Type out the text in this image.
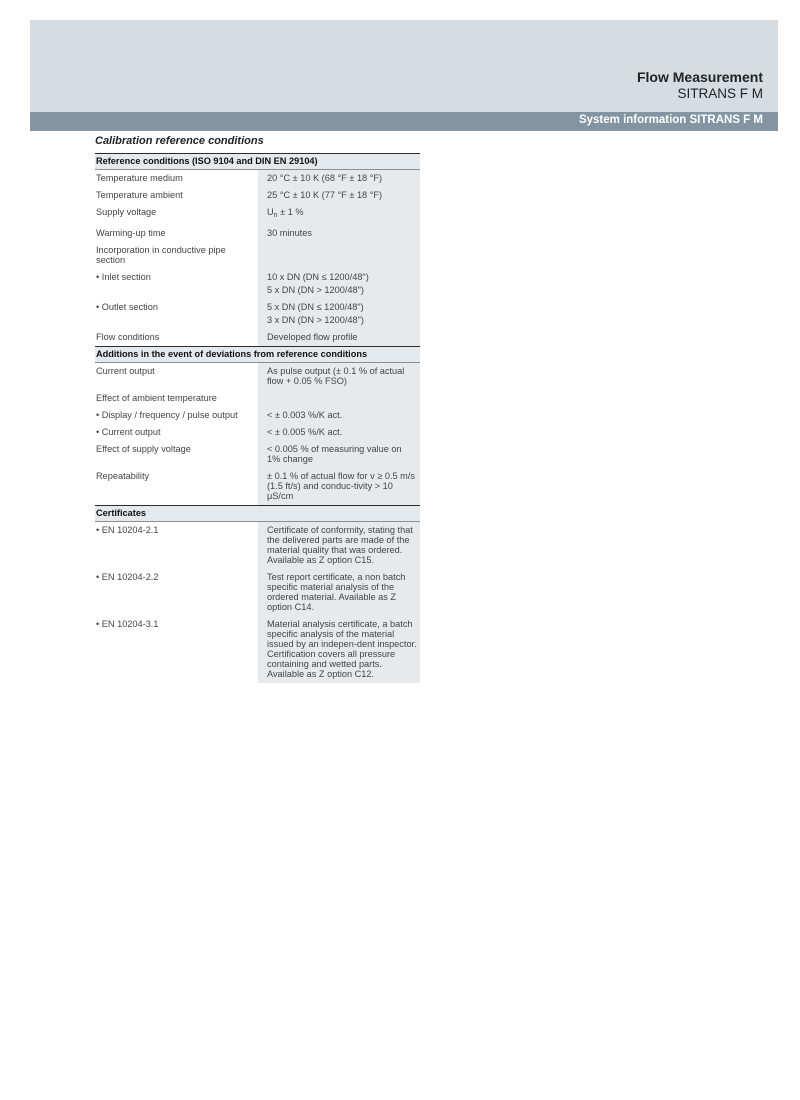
Flow Measurement
SITRANS F M
System information SITRANS F M
Calibration reference conditions
Reference conditions (ISO 9104 and DIN EN 29104)	
Temperature medium	20 °C ± 10 K (68 °F ± 18 °F)
Temperature ambient	25 °C ± 10 K (77 °F ± 18 °F)
Supply voltage	$U_n \pm 1$ %
Warming-up time	30 minutes
Incorporation in conductive pipe section	
• Inlet section	10 x DN (DN ≤ 1200/48")
	5 x DN (DN > 1200/48")
• Outlet section	5 x DN (DN ≤ 1200/48")
	3 x DN (DN > 1200/48")
Flow conditions	Developed flow profile
Additions in the event of deviations from reference conditions	
Current output	As pulse output (± 0.1 % of actual flow + 0.05 % FSO)
Effect of ambient temperature	
• Display / frequency / pulse output	< ± 0.003 %/K act.
• Current output	< ± 0.005 %/K act.
Effect of supply voltage	< 0.005 % of measuring value on 1% change
Repeatability	± 0.1 % of actual flow for v ≥ 0.5 m/s (1.5 ft/s) and conduc-tivity > 10 μS/cm
Certificates	
• EN 10204-2.1	Certificate of conformity, stating that the delivered parts are made of the material quality that was ordered. Available as Z option C15.
• EN 10204-2.2	Test report certificate, a non batch specific material analysis of the ordered material. Available as Z option C14.
• EN 10204-3.1	Material analysis certificate, a batch specific analysis of the material issued by an indepen-dent inspector.
Certification covers all pressure containing and wetted parts. Available as Z option C12.
